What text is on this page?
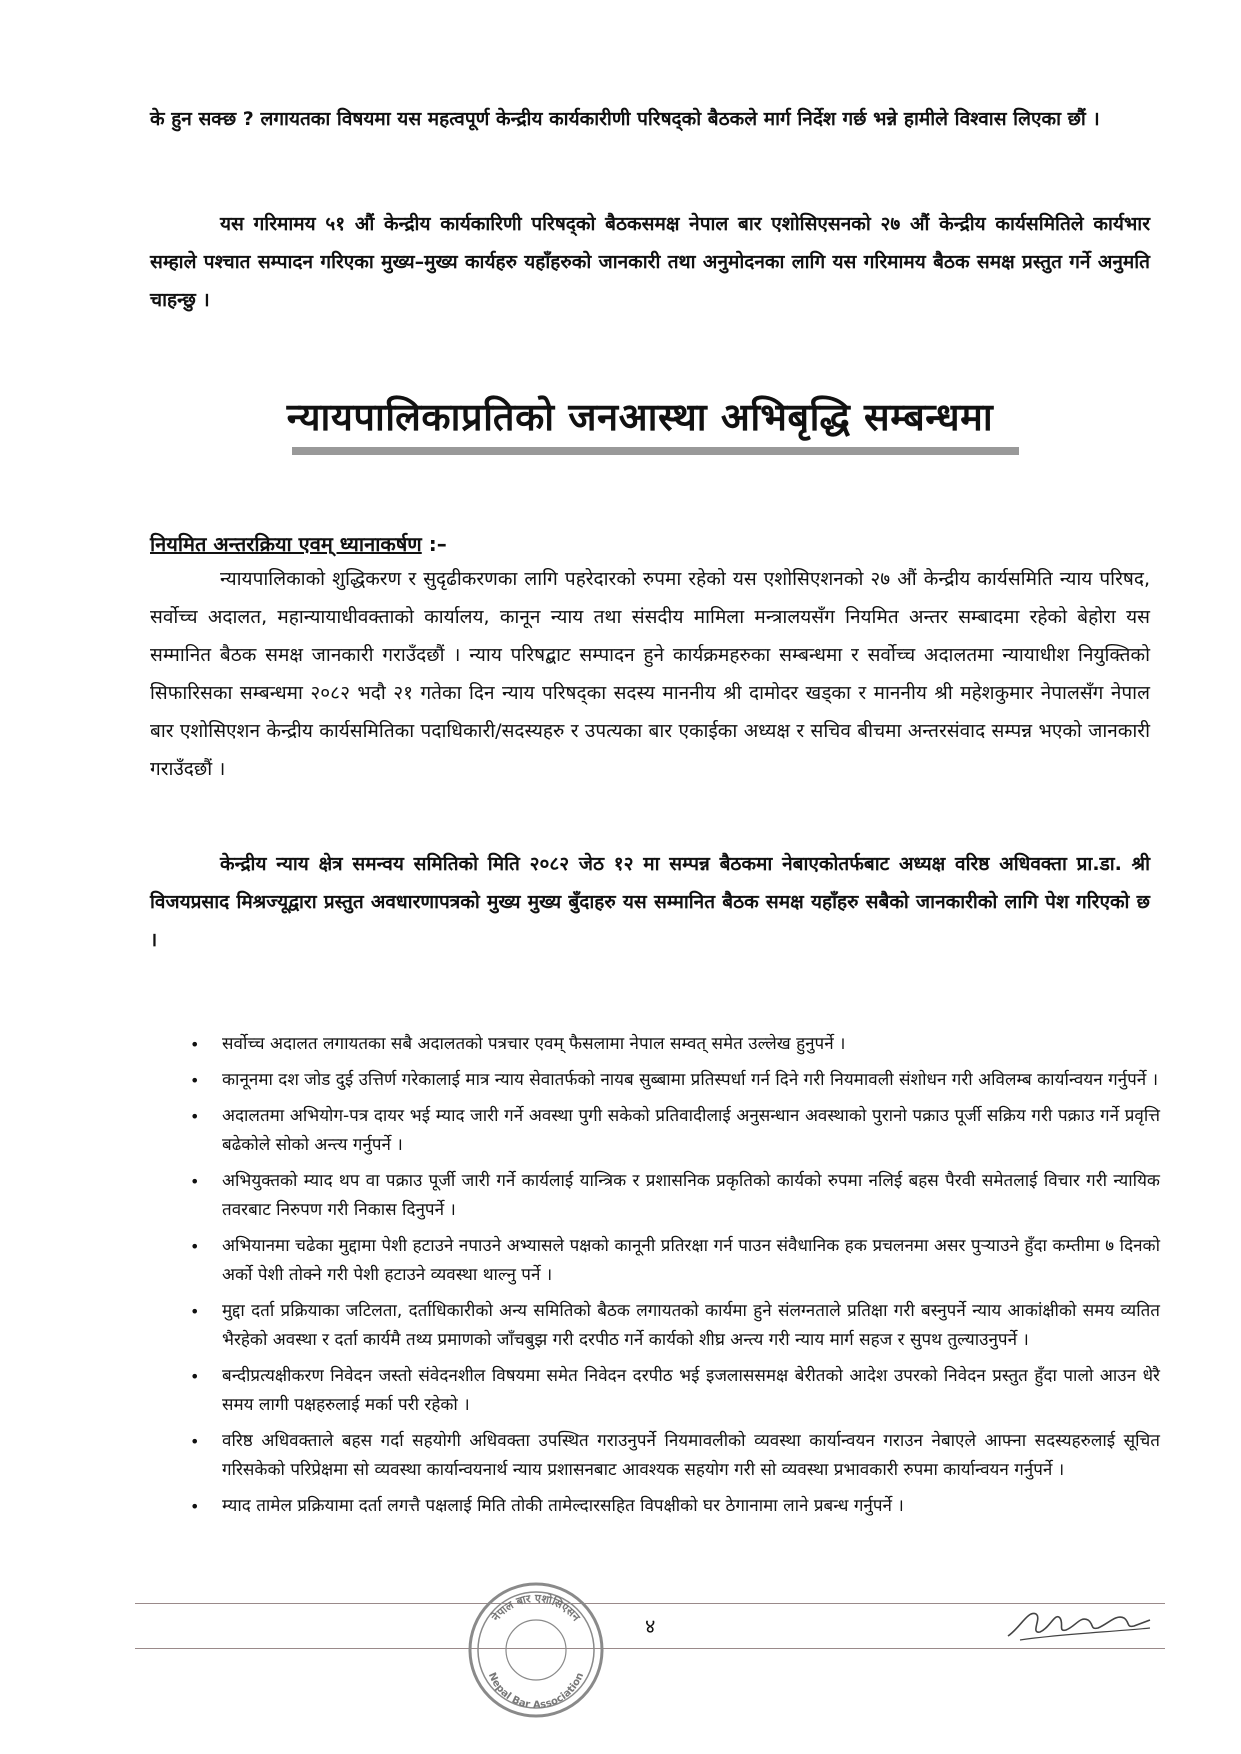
के हुन सक्छ ? लगायतका विषयमा यस महत्वपूर्ण केन्द्रीय कार्यकारीणी परिषद्को बैठकले मार्ग निर्देश गर्छ भन्ने हामीले विश्वास लिएका छौं ।

यस गरिमामय ५१ औं केन्द्रीय कार्यकारिणी परिषद्को बैठकसमक्ष नेपाल बार एशोसिएसनको २७ औं केन्द्रीय कार्यसमितिले कार्यभार सम्हाले पश्चात सम्पादन गरिएका मुख्य–मुख्य कार्यहरु यहाँहरुको जानकारी तथा अनुमोदनका लागि यस गरिमामय बैठक समक्ष प्रस्तुत गर्ने अनुमति चाहन्छु ।

न्यायपालिकाप्रतिको जनआस्था अभिबृद्धि सम्बन्धमा
नियमित अन्तरक्रिया एवम् ध्यानाकर्षण :–

न्यायपालिकाको शुद्धिकरण र सुदृढीकरणका लागि पहरेदारको रुपमा रहेको यस एशोसिएशनको २७ औं केन्द्रीय कार्यसमिति न्याय परिषद, सर्वोच्च अदालत, महान्यायाधीवक्ताको कार्यालय, कानून न्याय तथा संसदीय मामिला मन्त्रालयसँग नियमित अन्तर सम्बादमा रहेको बेहोरा यस सम्मानित बैठक समक्ष जानकारी गराउँदछौं । न्याय परिषद्बाट सम्पादन हुने कार्यक्रमहरुका सम्बन्धमा र सर्वोच्च अदालतमा न्यायाधीश नियुक्तिको सिफारिसका सम्बन्धमा २०८२ भदौ २१ गतेका दिन न्याय परिषद्का सदस्य माननीय श्री दामोदर खड्का र माननीय श्री महेशकुमार नेपालसँग नेपाल बार एशोसिएशन केन्द्रीय कार्यसमितिका पदाधिकारी/सदस्यहरु र उपत्यका बार एकाईका अध्यक्ष र सचिव बीचमा अन्तरसंवाद सम्पन्न भएको जानकारी गराउँदछौं ।

केन्द्रीय न्याय क्षेत्र समन्वय समितिको मिति २०८२ जेठ १२ मा सम्पन्न बैठकमा नेबाएकोतर्फबाट अध्यक्ष वरिष्ठ अधिवक्ता प्रा.डा. श्री विजयप्रसाद मिश्रज्यूद्वारा प्रस्तुत अवधारणापत्रको मुख्य मुख्य बुँदाहरु यस सम्मानित बैठक समक्ष यहाँहरु सबैको जानकारीको लागि पेश गरिएको छ ।

• सर्वोच्च अदालत लगायतका सबै अदालतको पत्रचार एवम् फैसलामा नेपाल सम्वत् समेत उल्लेख हुनुपर्ने ।
• कानूनमा दश जोड दुई उत्तिर्ण गरेकालाई मात्र न्याय सेवातर्फको नायब सुब्बामा प्रतिस्पर्धा गर्न दिने गरी नियमावली संशोधन गरी अविलम्ब कार्यान्वयन गर्नुपर्ने ।
• अदालतमा अभियोग-पत्र दायर भई म्याद जारी गर्ने अवस्था पुगी सकेको प्रतिवादीलाई अनुसन्धान अवस्थाको पुरानो पक्राउ पूर्जी सक्रिय गरी पक्राउ गर्ने प्रवृत्ति बढेकोले सोको अन्त्य गर्नुपर्ने ।
• अभियुक्तको म्याद थप वा पक्राउ पूर्जी जारी गर्ने कार्यलाई यान्त्रिक र प्रशासनिक प्रकृतिको कार्यको रुपमा नलिई बहस पैरवी समेतलाई विचार गरी न्यायिक तवरबाट निरुपण गरी निकास दिनुपर्ने ।
• अभियानमा चढेका मुद्दामा पेशी हटाउने नपाउने अभ्यासले पक्षको कानूनी प्रतिरक्षा गर्न पाउन संवैधानिक हक प्रचलनमा असर पुर्‍याउने हुँदा कम्तीमा ७ दिनको अर्को पेशी तोक्ने गरी पेशी हटाउने व्यवस्था थाल्नु पर्ने ।
• मुद्दा दर्ता प्रक्रियाका जटिलता, दर्ताधिकारीको अन्य समितिको बैठक लगायतको कार्यमा हुने संलग्नताले प्रतिक्षा गरी बस्नुपर्ने न्याय आकांक्षीको समय व्यतित भैरहेको अवस्था र दर्ता कार्यमै तथ्य प्रमाणको जाँचबुझ गरी दरपीठ गर्ने कार्यको शीघ्र अन्त्य गरी न्याय मार्ग सहज र सुपथ तुल्याउनुपर्ने ।
• बन्दीप्रत्यक्षीकरण निवेदन जस्तो संवेदनशील विषयमा समेत निवेदन दरपीठ भई इजलाससमक्ष बेरीतको आदेश उपरको निवेदन प्रस्तुत हुँदा पालो आउन धेरै समय लागी पक्षहरुलाई मर्का परी रहेको ।
• वरिष्ठ अधिवक्ताले बहस गर्दा सहयोगी अधिवक्ता उपस्थित गराउनुपर्ने नियमावलीको व्यवस्था कार्यान्वयन गराउन नेबाएले आफ्ना सदस्यहरुलाई सूचित गरिसकेको परिप्रेक्षमा सो व्यवस्था कार्यान्वयनार्थ न्याय प्रशासनबाट आवश्यक सहयोग गरी सो व्यवस्था प्रभावकारी रुपमा कार्यान्वयन गर्नुपर्ने ।
• म्याद तामेल प्रक्रियामा दर्ता लगत्तै पक्षलाई मिति तोकी तामेल्दारसहित विपक्षीको घर ठेगानामा लाने प्रबन्ध गर्नुपर्ने ।
४
नेपाल बार एशोसिएसन
Nepal Bar Association
